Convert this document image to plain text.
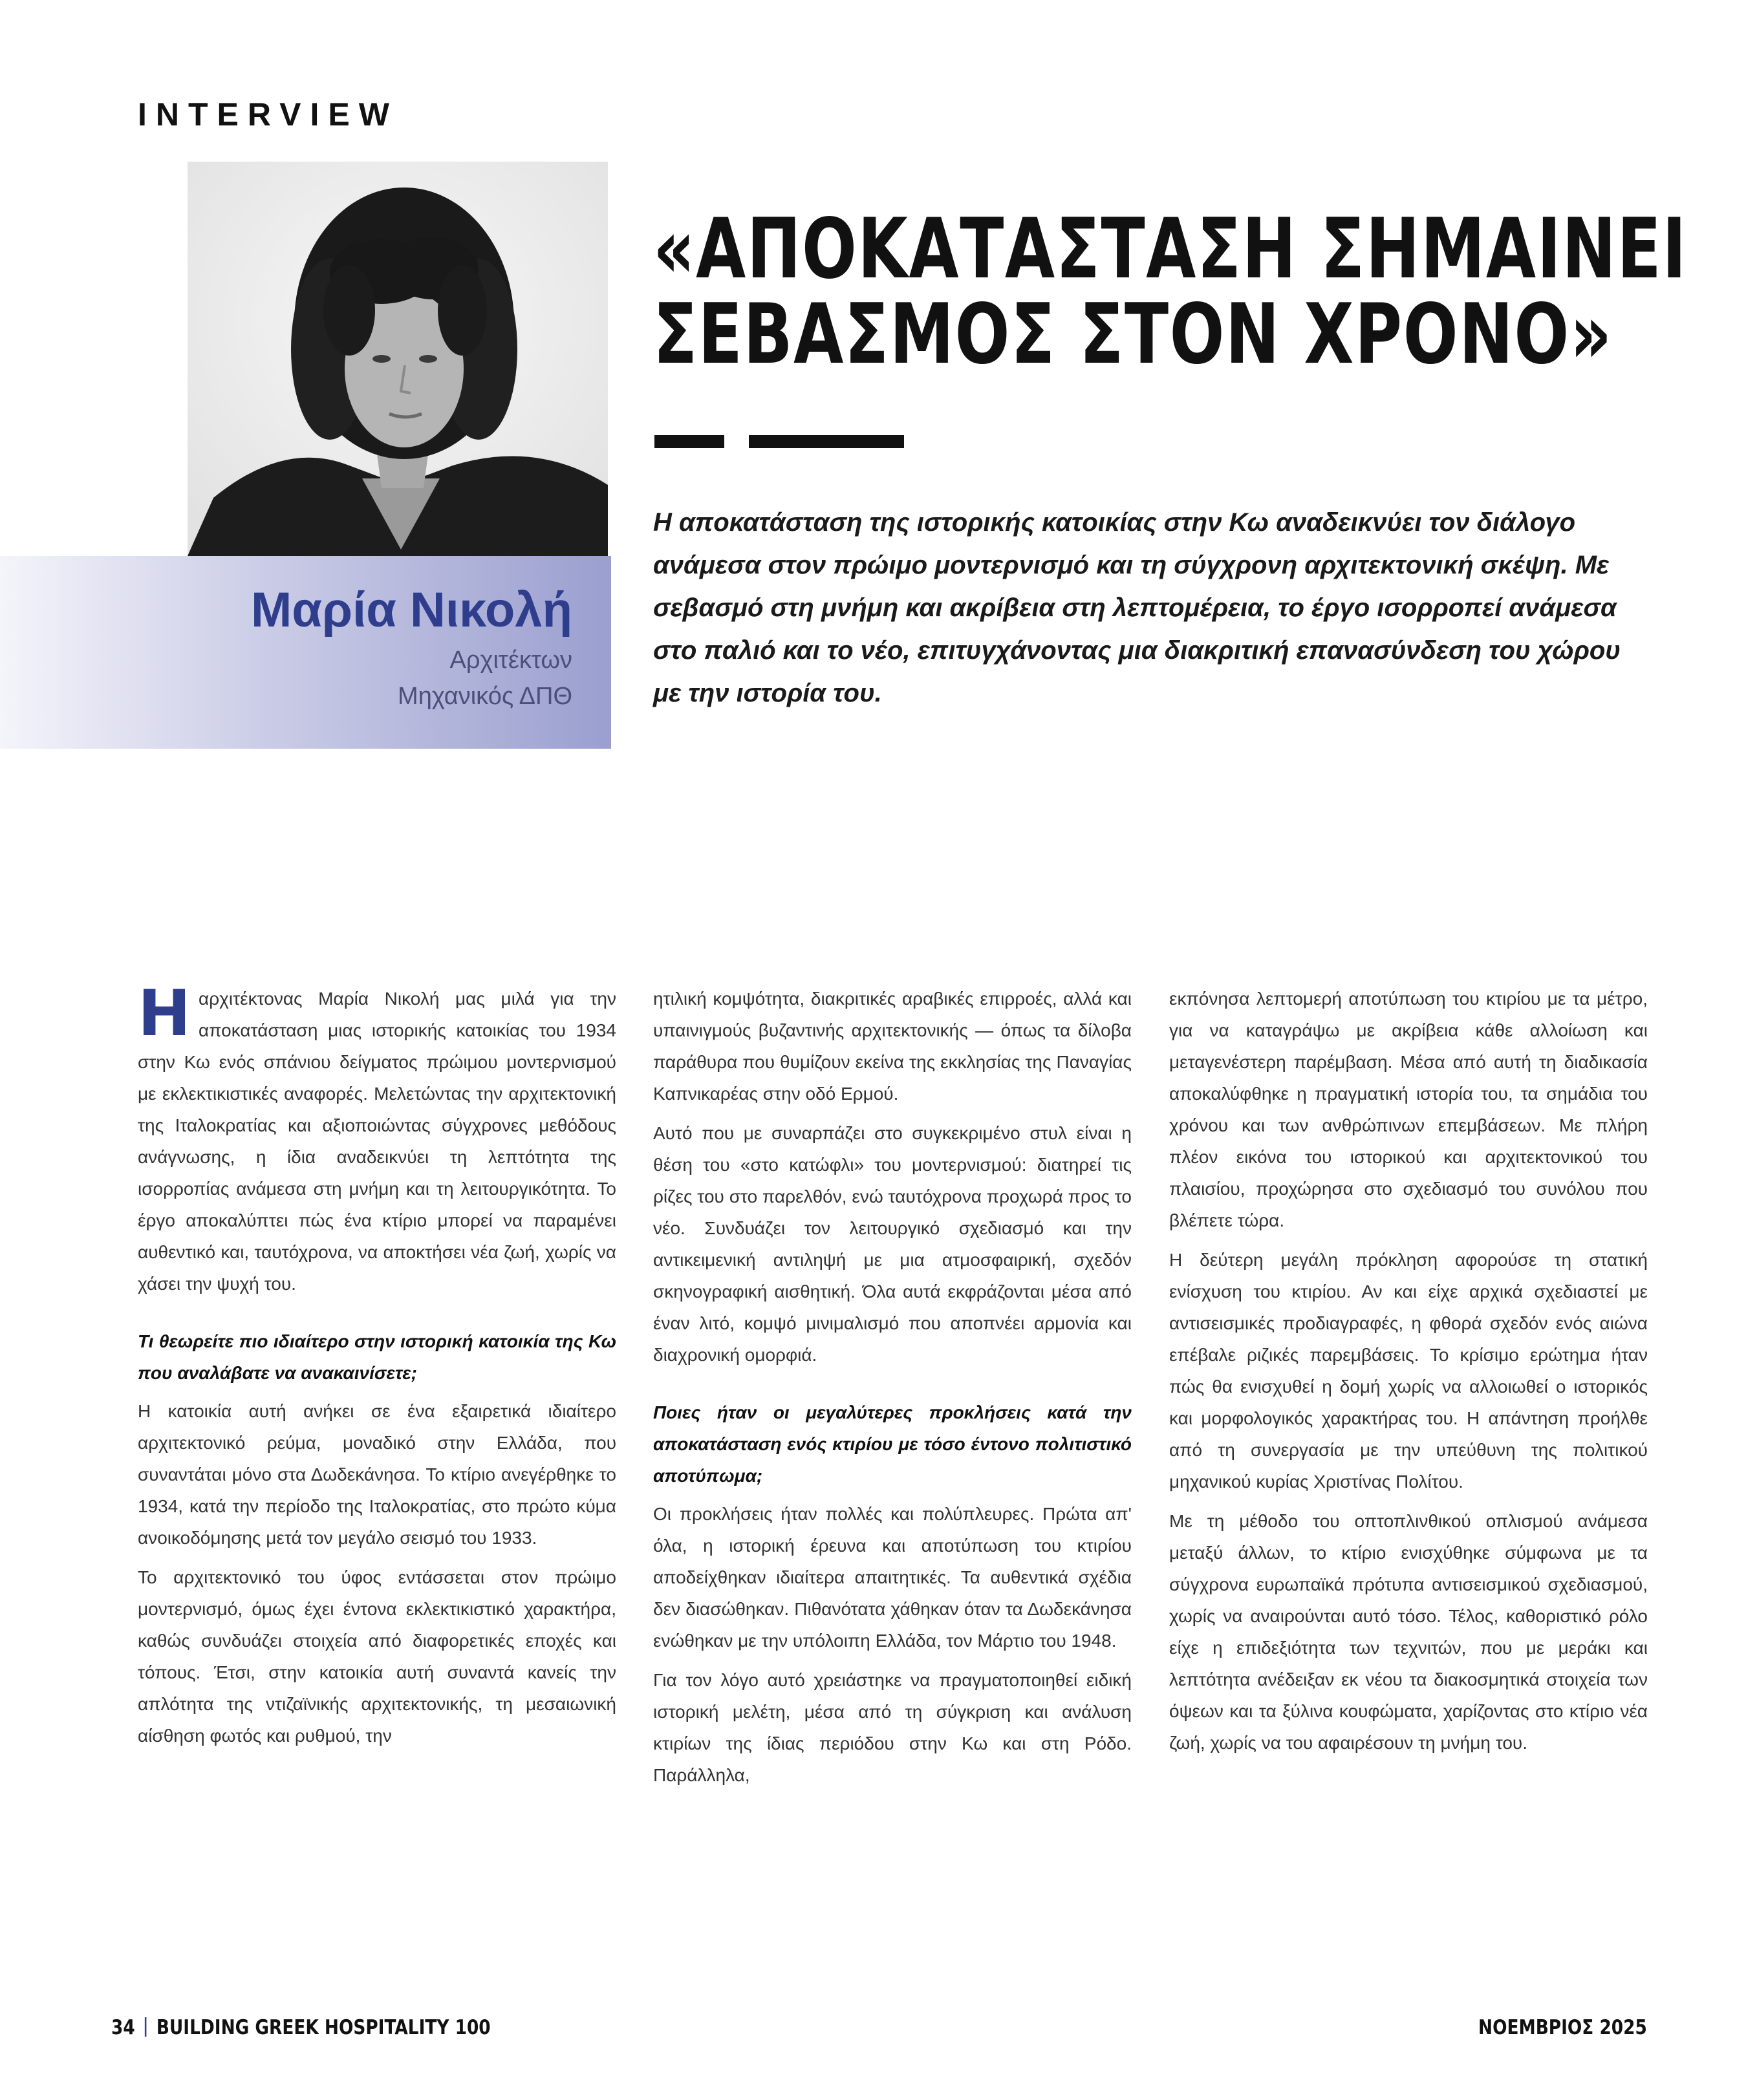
INTERVIEW
Μαρία Νικολή
Αρχιτέκτων
Μηχανικός ΔΠΘ
«ΑΠΟΚΑΤΑΣΤΑΣΗ ΣΗΜΑΙΝΕΙ
ΣΕΒΑΣΜΟΣ ΣΤΟΝ ΧΡΟΝΟ»
Η αποκατάσταση της ιστορικής κατοικίας στην Κω αναδεικνύει τον διάλογο ανάμεσα στον πρώιμο μοντερνισμό και τη σύγχρονη αρχιτεκτονική σκέψη. Με σεβασμό στη μνήμη και ακρίβεια στη λεπτομέρεια, το έργο ισορροπεί ανάμεσα στο παλιό και το νέο, επιτυγχάνοντας μια διακριτική επανασύνδεση του χώρου με την ιστορία του.

Η αρχιτέκτονας Μαρία Νικολή μας μιλά για την αποκατάσταση μιας ιστορικής κατοικίας του 1934 στην Κω ενός σπάνιου δείγματος πρώιμου μοντερνισμού με εκλεκτικιστικές αναφορές. Μελετώντας την αρχιτεκτονική της Ιταλοκρατίας και αξιοποιώντας σύγχρονες μεθόδους ανάγνωσης, η ίδια αναδεικνύει τη λεπτότητα της ισορροπίας ανάμεσα στη μνήμη και τη λειτουργικότητα. Το έργο αποκαλύπτει πώς ένα κτίριο μπορεί να παραμένει αυθεντικό και, ταυτόχρονα, να αποκτήσει νέα ζωή, χωρίς να χάσει την ψυχή του.

Τι θεωρείτε πιο ιδιαίτερο στην ιστορική κατοικία της Κω που αναλάβατε να ανακαινίσετε;

Η κατοικία αυτή ανήκει σε ένα εξαιρετικά ιδιαίτερο αρχιτεκτονικό ρεύμα, μοναδικό στην Ελλάδα, που συναντάται μόνο στα Δωδεκάνησα. Το κτίριο ανεγέρθηκε το 1934, κατά την περίοδο της Ιταλοκρατίας, στο πρώτο κύμα ανοικοδόμησης μετά τον μεγάλο σεισμό του 1933.

Το αρχιτεκτονικό του ύφος εντάσσεται στον πρώιμο μοντερνισμό, όμως έχει έντονα εκλεκτικιστικό χαρακτήρα, καθώς συνδυάζει στοιχεία από διαφορετικές εποχές και τόπους. Έτσι, στην κατοικία αυτή συναντά κανείς την απλότητα της ντιζαϊνικής αρχιτεκτονικής, τη μεσαιωνική αίσθηση φωτός και ρυθμού, την

ητιλική κομψότητα, διακριτικές αραβικές επιρροές, αλλά και υπαινιγμούς βυζαντινής αρχιτεκτονικής — όπως τα δίλοβα παράθυρα που θυμίζουν εκείνα της εκκλησίας της Παναγίας Καπνικαρέας στην οδό Ερμού.

Αυτό που με συναρπάζει στο συγκεκριμένο στυλ είναι η θέση του «στο κατώφλι» του μοντερνισμού: διατηρεί τις ρίζες του στο παρελθόν, ενώ ταυτόχρονα προχωρά προς το νέο. Συνδυάζει τον λειτουργικό σχεδιασμό και την αντικειμενική αντιληψή με μια ατμοσφαιρική, σχεδόν σκηνογραφική αισθητική. Όλα αυτά εκφράζονται μέσα από έναν λιτό, κομψό μινιμαλισμό που αποπνέει αρμονία και διαχρονική ομορφιά.

Ποιες ήταν οι μεγαλύτερες προκλήσεις κατά την αποκατάσταση ενός κτιρίου με τόσο έντονο πολιτιστικό αποτύπωμα;

Οι προκλήσεις ήταν πολλές και πολύπλευρες. Πρώτα απ' όλα, η ιστορική έρευνα και αποτύπωση του κτιρίου αποδείχθηκαν ιδιαίτερα απαιτητικές. Τα αυθεντικά σχέδια δεν διασώθηκαν. Πιθανότατα χάθηκαν όταν τα Δωδεκάνησα ενώθηκαν με την υπόλοιπη Ελλάδα, τον Μάρτιο του 1948.

Για τον λόγο αυτό χρειάστηκε να πραγματοποιηθεί ειδική ιστορική μελέτη, μέσα από τη σύγκριση και ανάλυση κτιρίων της ίδιας περιόδου στην Κω και στη Ρόδο. Παράλληλα,

εκπόνησα λεπτομερή αποτύπωση του κτιρίου με τα μέτρο, για να καταγράψω με ακρίβεια κάθε αλλοίωση και μεταγενέστερη παρέμβαση. Μέσα από αυτή τη διαδικασία αποκαλύφθηκε η πραγματική ιστορία του, τα σημάδια του χρόνου και των ανθρώπινων επεμβάσεων. Με πλήρη πλέον εικόνα του ιστορικού και αρχιτεκτονικού του πλαισίου, προχώρησα στο σχεδιασμό του συνόλου που βλέπετε τώρα.

Η δεύτερη μεγάλη πρόκληση αφορούσε τη στατική ενίσχυση του κτιρίου. Αν και είχε αρχικά σχεδιαστεί με αντισεισμικές προδιαγραφές, η φθορά σχεδόν ενός αιώνα επέβαλε ριζικές παρεμβάσεις. Το κρίσιμο ερώτημα ήταν πώς θα ενισχυθεί η δομή χωρίς να αλλοιωθεί ο ιστορικός και μορφολογικός χαρακτήρας του. Η απάντηση προήλθε από τη συνεργασία με την υπεύθυνη της πολιτικού μηχανικού κυρίας Χριστίνας Πολίτου.

Με τη μέθοδο του οπτοπλινθικού οπλισμού ανάμεσα μεταξύ άλλων, το κτίριο ενισχύθηκε σύμφωνα με τα σύγχρονα ευρωπαϊκά πρότυπα αντισεισμικού σχεδιασμού, χωρίς να αναιρούνται αυτό τόσο. Τέλος, καθοριστικό ρόλο είχε η επιδεξιότητα των τεχνιτών, που με μεράκι και λεπτότητα ανέδειξαν εκ νέου τα διακοσμητικά στοιχεία των όψεων και τα ξύλινα κουφώματα, χαρίζοντας στο κτίριο νέα ζωή, χωρίς να του αφαιρέσουν τη μνήμη του.

34 BUILDING GREEK HOSPITALITY 100	ΝΟΕΜΒΡΙΟΣ 2025
